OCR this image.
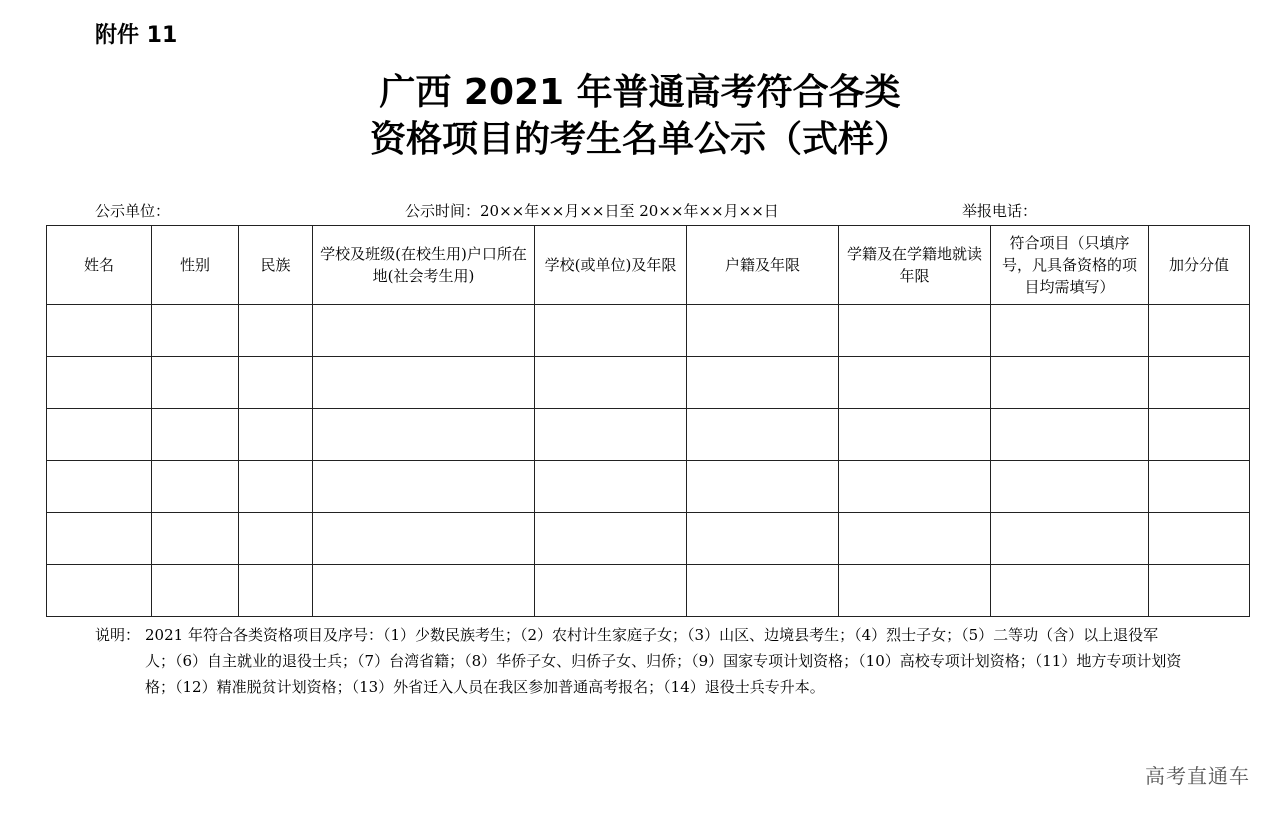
附件 11
广西 2021 年普通高考符合各类
资格项目的考生名单公示（式样）
公示单位：	公示时间：20××年××月××日至 20××年××月××日	举报电话：
姓名	性别	民族	学校及班级(在校生用)户口所在地(社会考生用)	学校(或单位)及年限	户籍及年限	学籍及在学籍地就读年限	符合项目（只填序号，凡具备资格的项目均需填写）	加分分值

说明： 2021 年符合各类资格项目及序号：（1）少数民族考生；（2）农村计生家庭子女；（3）山区、边境县考生；（4）烈士子女；（5）二等功（含）以上退役军人；（6）自主就业的退役士兵；（7）台湾省籍；（8）华侨子女、归侨子女、归侨；（9）国家专项计划资格；（10）高校专项计划资格；（11）地方专项计划资格；（12）精准脱贫计划资格；（13）外省迁入人员在我区参加普通高考报名；（14）退役士兵专升本。
高考直通车
